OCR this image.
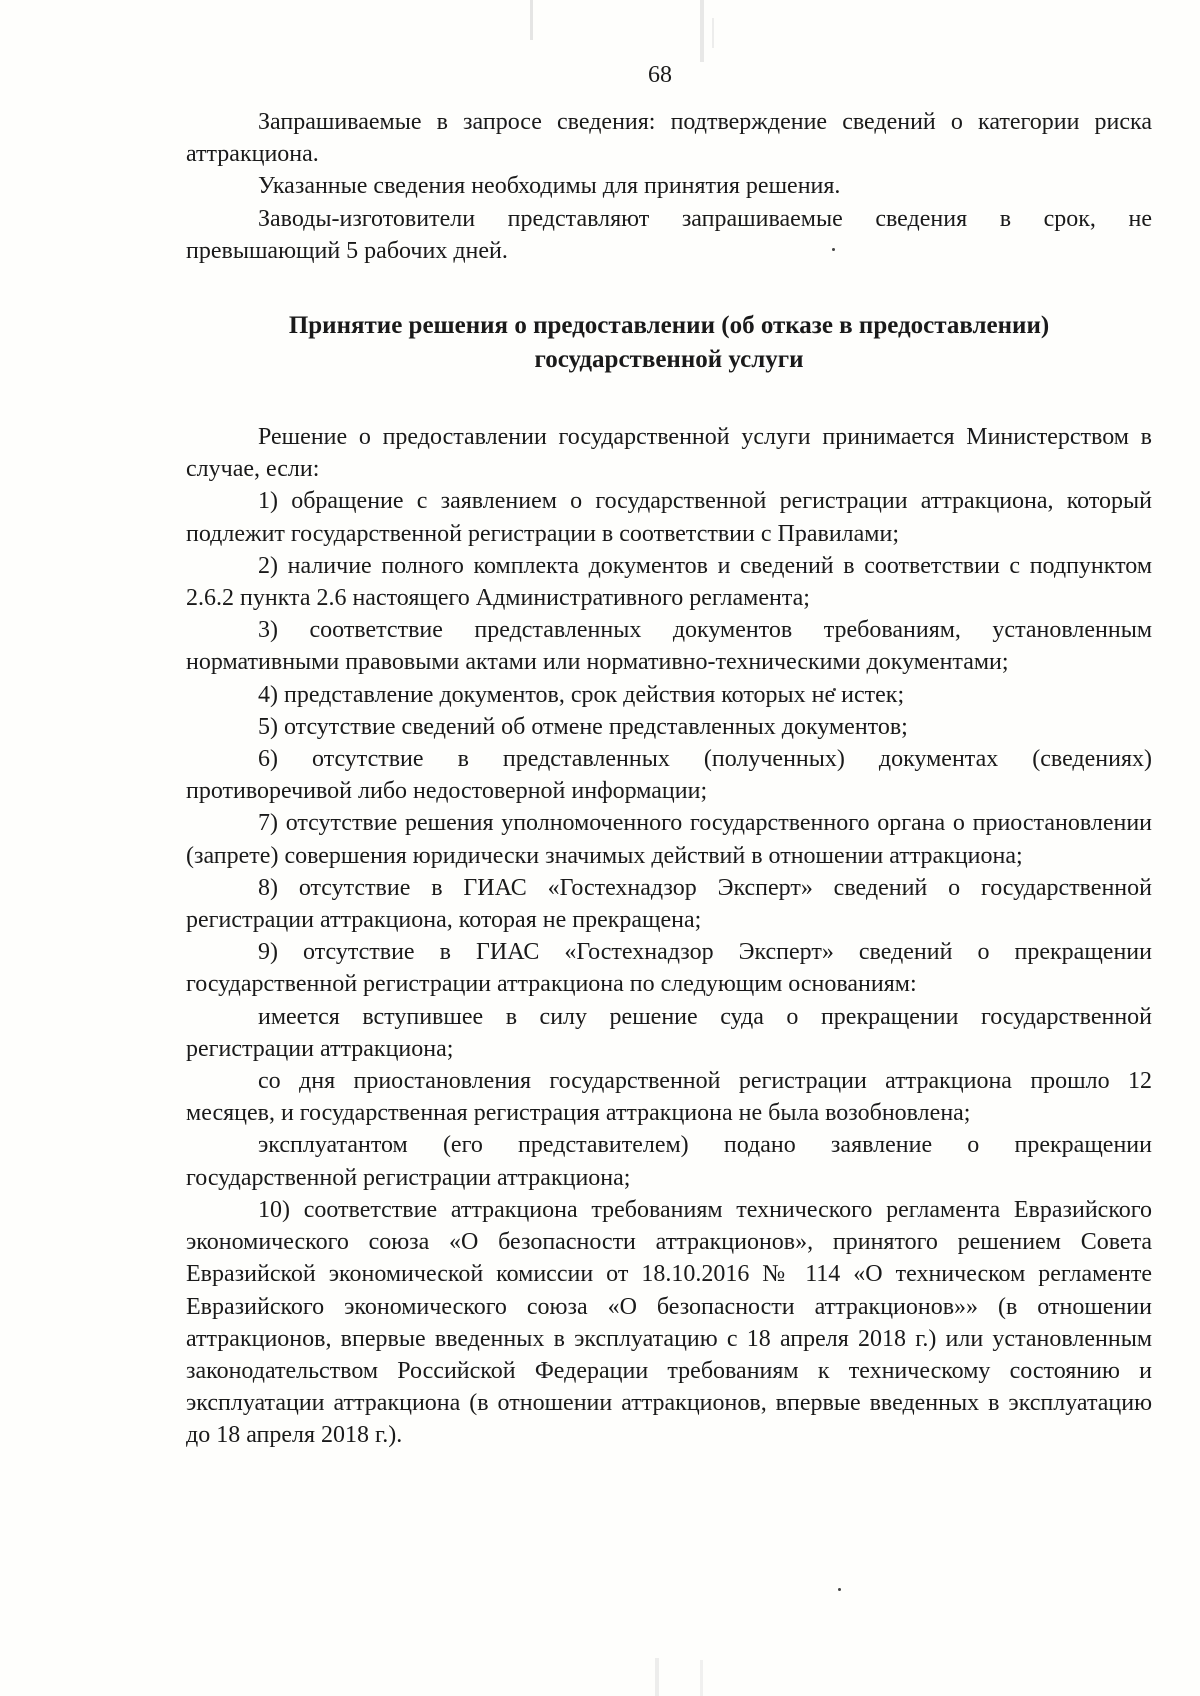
68

Запрашиваемые в запросе сведения: подтверждение сведений о категории риска аттракциона.

Указанные сведения необходимы для принятия решения.

Заводы-изготовители представляют запрашиваемые сведения в срок, не превышающий 5 рабочих дней.

Принятие решения о предоставлении (об отказе в предоставлении)
государственной услуги

Решение о предоставлении государственной услуги принимается Министерством в случае, если:

1) обращение с заявлением о государственной регистрации аттракциона, который подлежит государственной регистрации в соответствии с Правилами;

2) наличие полного комплекта документов и сведений в соответствии с подпунктом 2.6.2 пункта 2.6 настоящего Административного регламента;

3) соответствие представленных документов требованиям, установленным нормативными правовыми актами или нормативно-техническими документами;

4) представление документов, срок действия которых не истек;

5) отсутствие сведений об отмене представленных документов;

6) отсутствие в представленных (полученных) документах (сведениях) противоречивой либо недостоверной информации;

7) отсутствие решения уполномоченного государственного органа о приостановлении (запрете) совершения юридически значимых действий в отношении аттракциона;

8) отсутствие в ГИАС «Гостехнадзор Эксперт» сведений о государственной регистрации аттракциона, которая не прекращена;

9) отсутствие в ГИАС «Гостехнадзор Эксперт» сведений о прекращении государственной регистрации аттракциона по следующим основаниям:

имеется вступившее в силу решение суда о прекращении государственной регистрации аттракциона;

со дня приостановления государственной регистрации аттракциона прошло 12 месяцев, и государственная регистрация аттракциона не была возобновлена;

эксплуатантом (его представителем) подано заявление о прекращении государственной регистрации аттракциона;

10) соответствие аттракциона требованиям технического регламента Евразийского экономического союза «О безопасности аттракционов», принятого решением Совета Евразийской экономической комиссии от 18.10.2016 № 114 «О техническом регламенте Евразийского экономического союза «О безопасности аттракционов»» (в отношении аттракционов, впервые введенных в эксплуатацию с 18 апреля 2018 г.) или установленным законодательством Российской Федерации требованиям к техническому состоянию и эксплуатации аттракциона (в отношении аттракционов, впервые введенных в эксплуатацию до 18 апреля 2018 г.).
